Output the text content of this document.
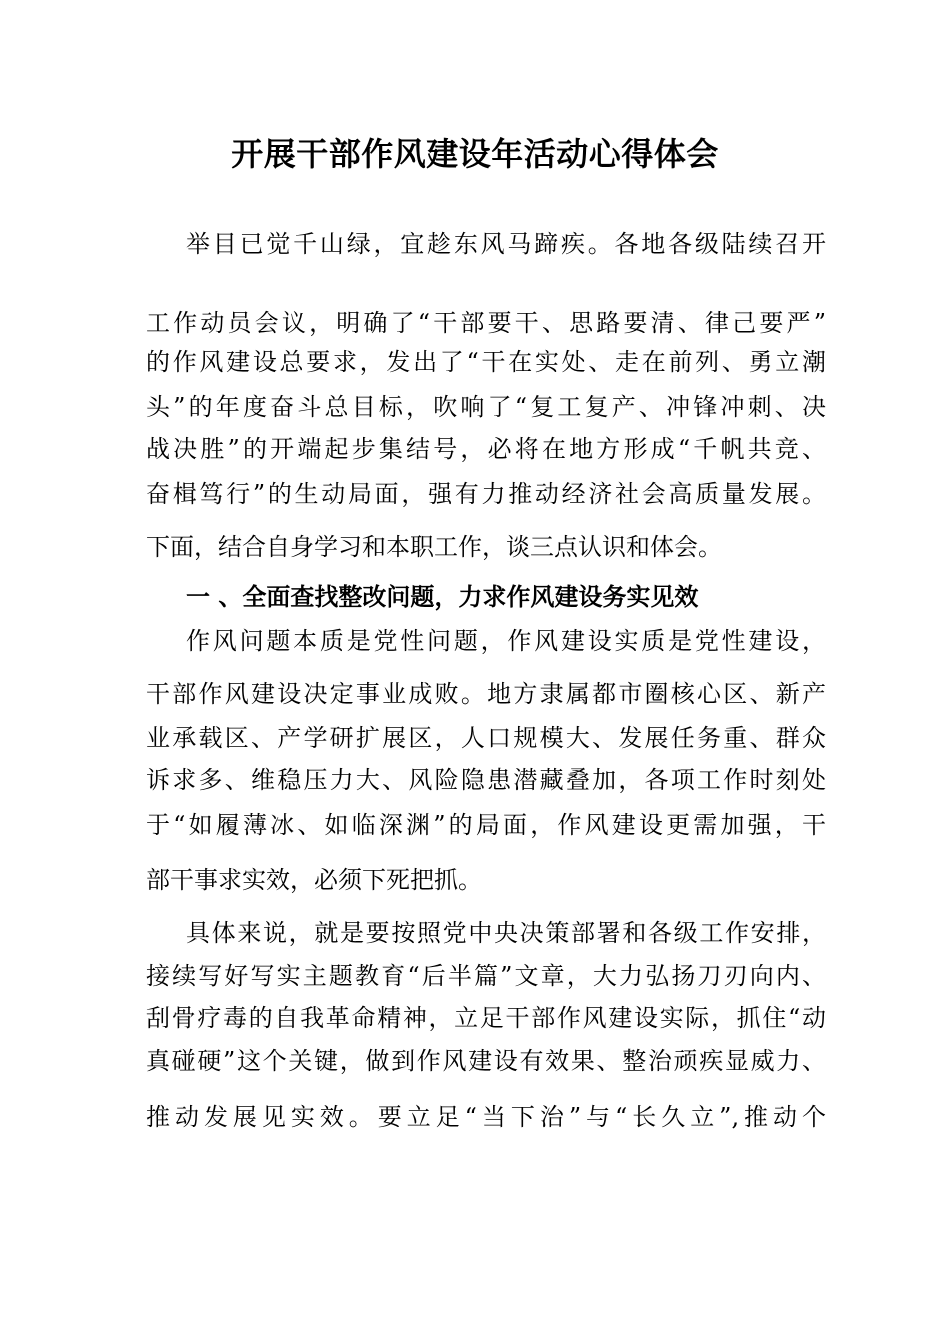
开展干部作风建设年活动心得体会
举目已觉千山绿，宜趁东风马蹄疾。各地各级陆续召开
工作动员会议，明确了“干部要干、思路要清、律己要严”
的作风建设总要求，发出了“干在实处、走在前列、勇立潮
头”的年度奋斗总目标，吹响了“复工复产、冲锋冲刺、决
战决胜”的开端起步集结号，必将在地方形成“千帆共竞、
奋楫笃行”的生动局面，强有力推动经济社会高质量发展。
下面，结合自身学习和本职工作，谈三点认识和体会。
一 、全面查找整改问题，力求作风建设务实见效
作风问题本质是党性问题，作风建设实质是党性建设，
干部作风建设决定事业成败。地方隶属都市圈核心区、新产
业承载区、产学研扩展区，人口规模大、发展任务重、群众
诉求多、维稳压力大、风险隐患潜藏叠加，各项工作时刻处
于“如履薄冰、如临深渊”的局面，作风建设更需加强，干
部干事求实效，必须下死把抓。
具体来说，就是要按照党中央决策部署和各级工作安排，
接续写好写实主题教育“后半篇”文章，大力弘扬刀刃向内、
刮骨疗毒的自我革命精神，立足干部作风建设实际，抓住“动
真碰硬”这个关键，做到作风建设有效果、整治顽疾显威力、
推动发展见实效。要立足“当下治”与“长久立”,推动个
